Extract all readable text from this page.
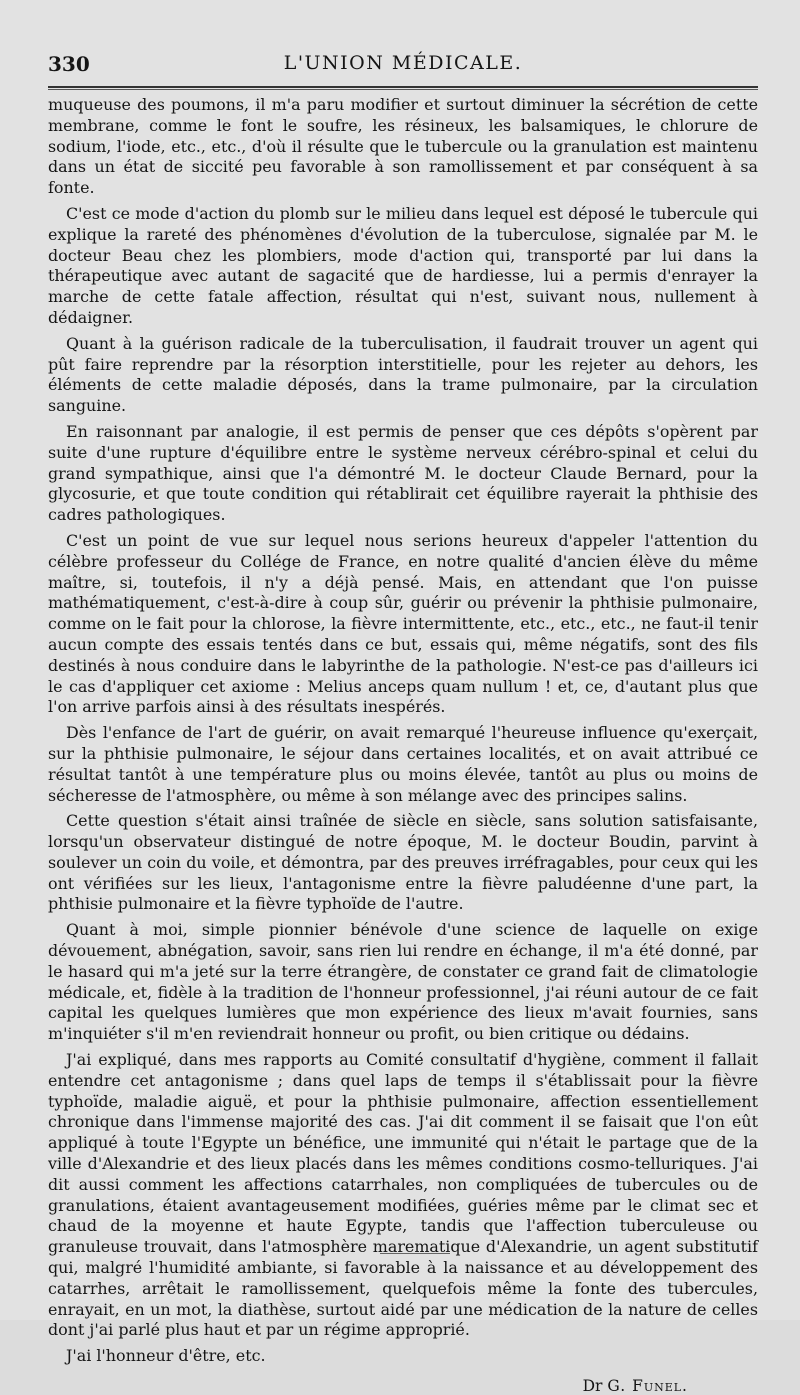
330	L'UNION MÉDICALE.

muqueuse des poumons, il m'a paru modifier et surtout diminuer la sécrétion de cette membrane, comme le font le soufre, les résineux, les balsamiques, le chlorure de sodium, l'iode, etc., etc., d'où il résulte que le tubercule ou la granulation est maintenu dans un état de siccité peu favorable à son ramollissement et par conséquent à sa fonte.

C'est ce mode d'action du plomb sur le milieu dans lequel est déposé le tubercule qui explique la rareté des phénomènes d'évolution de la tuberculose, signalée par M. le docteur Beau chez les plombiers, mode d'action qui, transporté par lui dans la thérapeutique avec autant de sagacité que de hardiesse, lui a permis d'enrayer la marche de cette fatale affection, résultat qui n'est, suivant nous, nullement à dédaigner.

Quant à la guérison radicale de la tuberculisation, il faudrait trouver un agent qui pût faire reprendre par la résorption interstitielle, pour les rejeter au dehors, les éléments de cette maladie déposés, dans la trame pulmonaire, par la circulation sanguine.

En raisonnant par analogie, il est permis de penser que ces dépôts s'opèrent par suite d'une rupture d'équilibre entre le système nerveux cérébro-spinal et celui du grand sympathique, ainsi que l'a démontré M. le docteur Claude Bernard, pour la glycosurie, et que toute condition qui rétablirait cet équilibre rayerait la phthisie des cadres pathologiques.

C'est un point de vue sur lequel nous serions heureux d'appeler l'attention du célèbre professeur du Collége de France, en notre qualité d'ancien élève du même maître, si, toutefois, il n'y a déjà pensé. Mais, en attendant que l'on puisse mathématiquement, c'est-à-dire à coup sûr, guérir ou prévenir la phthisie pulmonaire, comme on le fait pour la chlorose, la fièvre intermittente, etc., etc., etc., ne faut-il tenir aucun compte des essais tentés dans ce but, essais qui, même négatifs, sont des fils destinés à nous conduire dans le labyrinthe de la pathologie. N'est-ce pas d'ailleurs ici le cas d'appliquer cet axiome : Melius anceps quam nullum ! et, ce, d'autant plus que l'on arrive parfois ainsi à des résultats inespérés.

Dès l'enfance de l'art de guérir, on avait remarqué l'heureuse influence qu'exerçait, sur la phthisie pulmonaire, le séjour dans certaines localités, et on avait attribué ce résultat tantôt à une température plus ou moins élevée, tantôt au plus ou moins de sécheresse de l'atmosphère, ou même à son mélange avec des principes salins.

Cette question s'était ainsi traînée de siècle en siècle, sans solution satisfaisante, lorsqu'un observateur distingué de notre époque, M. le docteur Boudin, parvint à soulever un coin du voile, et démontra, par des preuves irréfragables, pour ceux qui les ont vérifiées sur les lieux, l'antagonisme entre la fièvre paludéenne d'une part, la phthisie pulmonaire et la fièvre typhoïde de l'autre.

Quant à moi, simple pionnier bénévole d'une science de laquelle on exige dévouement, abnégation, savoir, sans rien lui rendre en échange, il m'a été donné, par le hasard qui m'a jeté sur la terre étrangère, de constater ce grand fait de climatologie médicale, et, fidèle à la tradition de l'honneur professionnel, j'ai réuni autour de ce fait capital les quelques lumières que mon expérience des lieux m'avait fournies, sans m'inquiéter s'il m'en reviendrait honneur ou profit, ou bien critique ou dédains.

J'ai expliqué, dans mes rapports au Comité consultatif d'hygiène, comment il fallait entendre cet antagonisme ; dans quel laps de temps il s'établissait pour la fièvre typhoïde, maladie aiguë, et pour la phthisie pulmonaire, affection essentiellement chronique dans l'immense majorité des cas. J'ai dit comment il se faisait que l'on eût appliqué à toute l'Egypte un bénéfice, une immunité qui n'était le partage que de la ville d'Alexandrie et des lieux placés dans les mêmes conditions cosmo-telluriques. J'ai dit aussi comment les affections catarrhales, non compliquées de tubercules ou de granulations, étaient avantageusement modifiées, guéries même par le climat sec et chaud de la moyenne et haute Egypte, tandis que l'affection tuberculeuse ou granuleuse trouvait, dans l'atmosphère marematique d'Alexandrie, un agent substitutif qui, malgré l'humidité ambiante, si favorable à la naissance et au développement des catarrhes, arrêtait le ramollissement, quelquefois même la fonte des tubercules, enrayait, en un mot, la diathèse, surtout aidé par une médication de la nature de celles dont j'ai parlé plus haut et par un régime approprié.

J'ai l'honneur d'être, etc.

Dr G. Funel.
